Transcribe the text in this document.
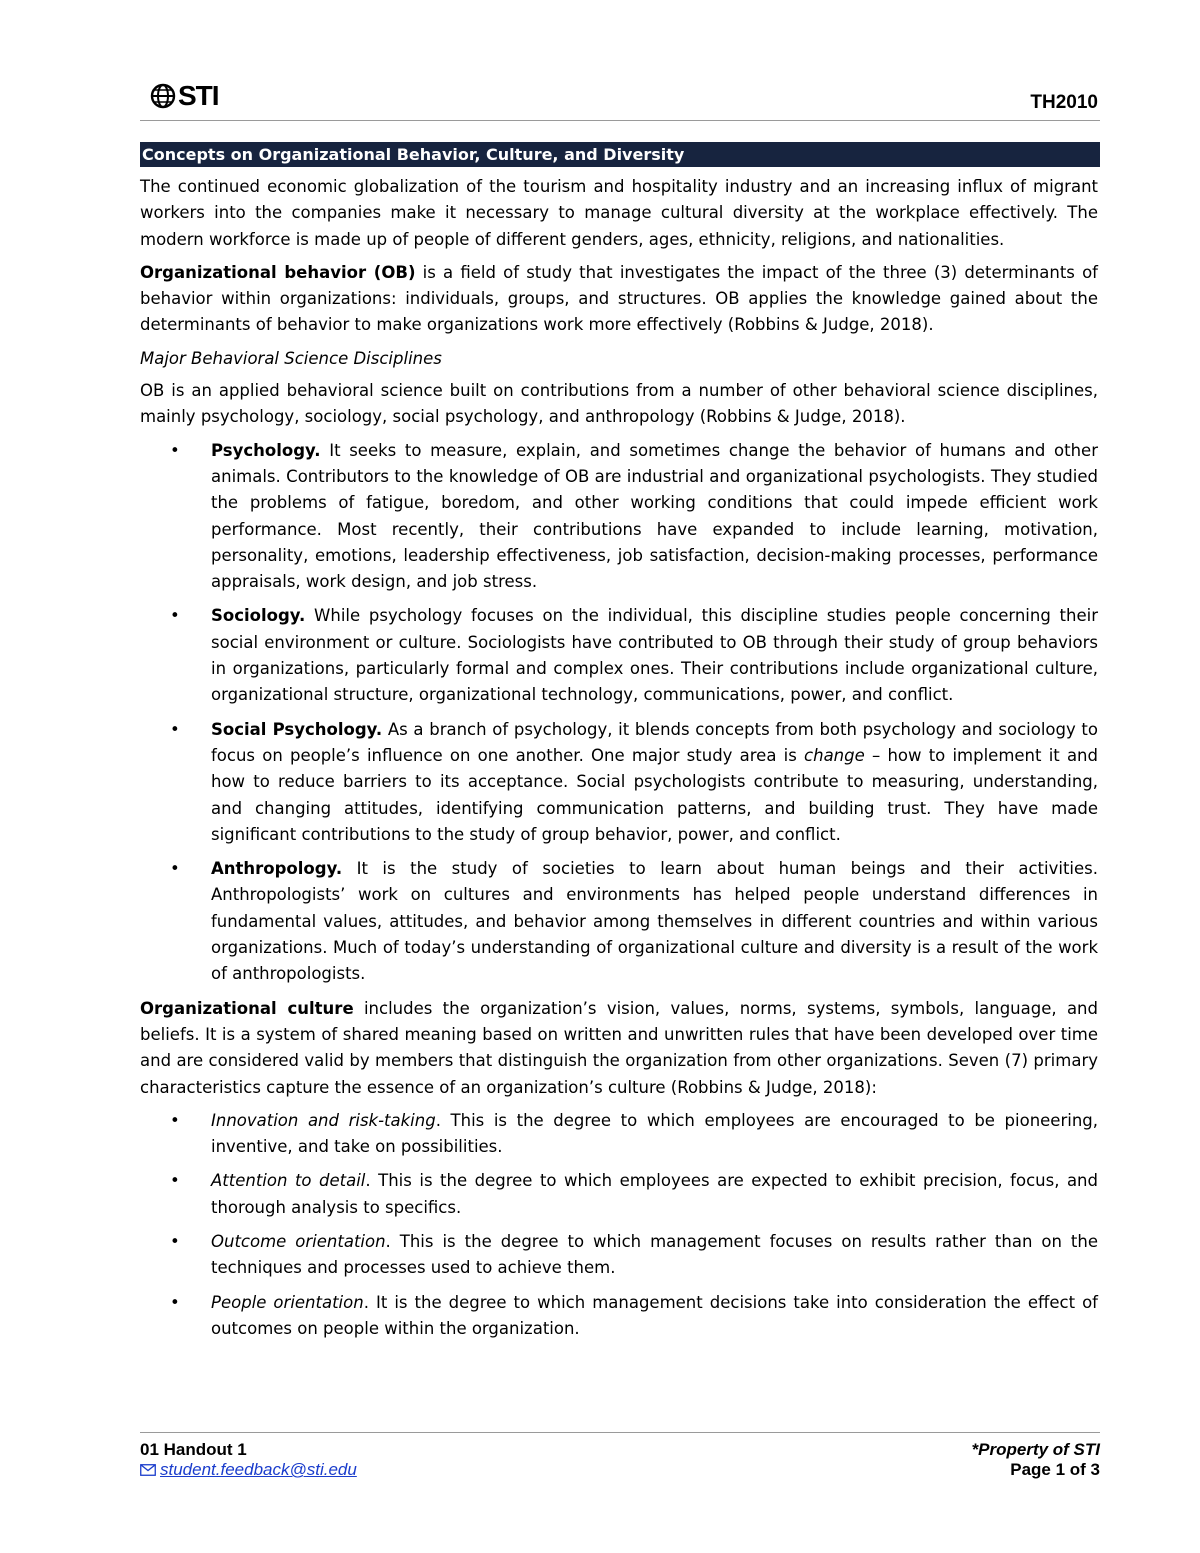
STI	TH2010
Concepts on Organizational Behavior, Culture, and Diversity

The continued economic globalization of the tourism and hospitality industry and an increasing influx of migrant workers into the companies make it necessary to manage cultural diversity at the workplace effectively. The modern workforce is made up of people of different genders, ages, ethnicity, religions, and nationalities.

Organizational behavior (OB) is a field of study that investigates the impact of the three (3) determinants of behavior within organizations: individuals, groups, and structures. OB applies the knowledge gained about the determinants of behavior to make organizations work more effectively (Robbins & Judge, 2018).

Major Behavioral Science Disciplines

OB is an applied behavioral science built on contributions from a number of other behavioral science disciplines, mainly psychology, sociology, social psychology, and anthropology (Robbins & Judge, 2018).

• Psychology. It seeks to measure, explain, and sometimes change the behavior of humans and other animals. Contributors to the knowledge of OB are industrial and organizational psychologists. They studied the problems of fatigue, boredom, and other working conditions that could impede efficient work performance. Most recently, their contributions have expanded to include learning, motivation, personality, emotions, leadership effectiveness, job satisfaction, decision-making processes, performance appraisals, work design, and job stress.
• Sociology. While psychology focuses on the individual, this discipline studies people concerning their social environment or culture. Sociologists have contributed to OB through their study of group behaviors in organizations, particularly formal and complex ones. Their contributions include organizational culture, organizational structure, organizational technology, communications, power, and conflict.
• Social Psychology. As a branch of psychology, it blends concepts from both psychology and sociology to focus on people’s influence on one another. One major study area is change – how to implement it and how to reduce barriers to its acceptance. Social psychologists contribute to measuring, understanding, and changing attitudes, identifying communication patterns, and building trust. They have made significant contributions to the study of group behavior, power, and conflict.
• Anthropology. It is the study of societies to learn about human beings and their activities. Anthropologists’ work on cultures and environments has helped people understand differences in fundamental values, attitudes, and behavior among themselves in different countries and within various organizations. Much of today’s understanding of organizational culture and diversity is a result of the work of anthropologists.

Organizational culture includes the organization’s vision, values, norms, systems, symbols, language, and beliefs. It is a system of shared meaning based on written and unwritten rules that have been developed over time and are considered valid by members that distinguish the organization from other organizations. Seven (7) primary characteristics capture the essence of an organization’s culture (Robbins & Judge, 2018):

• Innovation and risk-taking. This is the degree to which employees are encouraged to be pioneering, inventive, and take on possibilities.
• Attention to detail. This is the degree to which employees are expected to exhibit precision, focus, and thorough analysis to specifics.
• Outcome orientation. This is the degree to which management focuses on results rather than on the techniques and processes used to achieve them.
• People orientation. It is the degree to which management decisions take into consideration the effect of outcomes on people within the organization.
01 Handout 1
student.feedback@sti.edu
*Property of STI
Page 1 of 3
